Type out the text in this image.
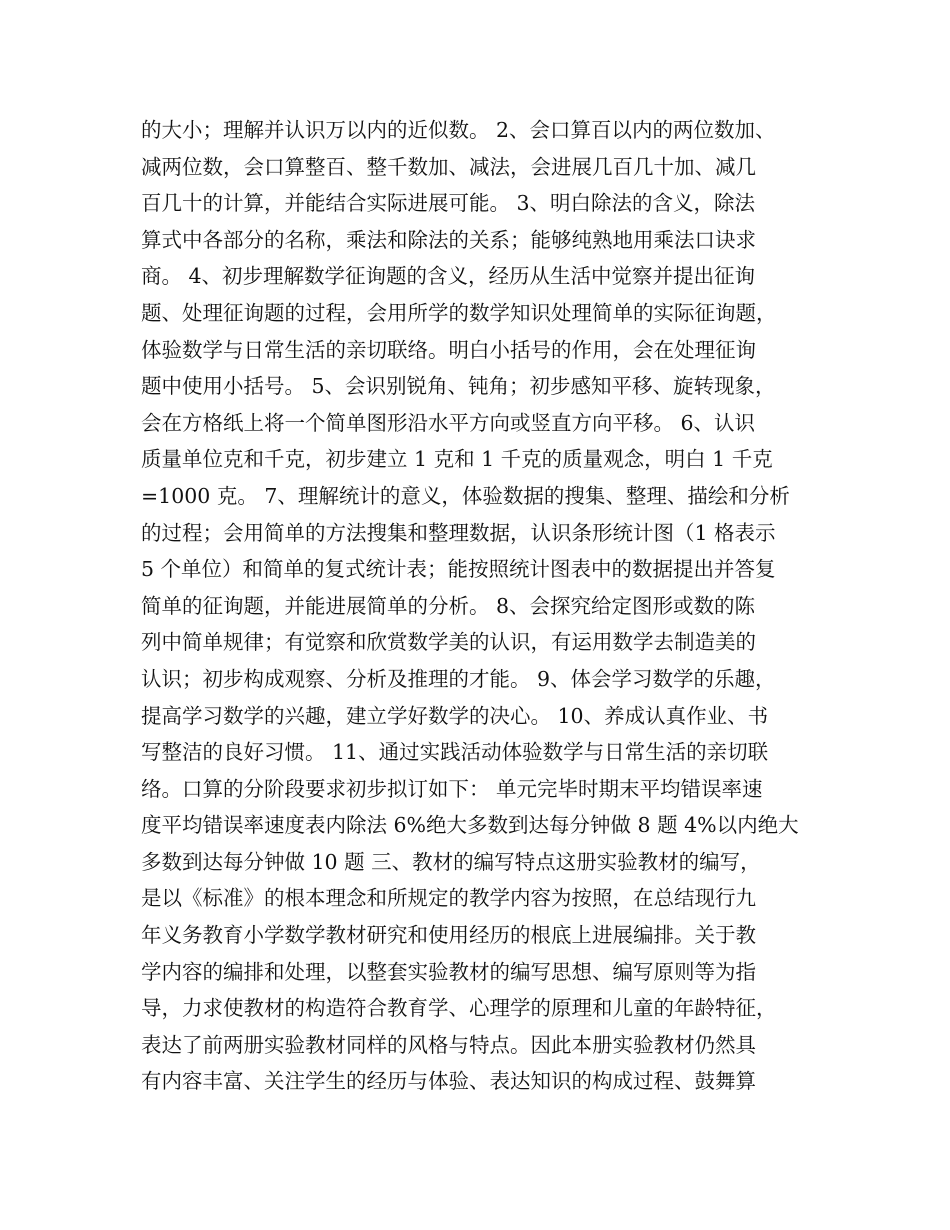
的大小；理解并认识万以内的近似数。 2、会口算百以内的两位数加、
减两位数，会口算整百、整千数加、减法，会进展几百几十加、减几
百几十的计算，并能结合实际进展可能。 3、明白除法的含义，除法
算式中各部分的名称，乘法和除法的关系；能够纯熟地用乘法口诀求
商。 4、初步理解数学征询题的含义，经历从生活中觉察并提出征询
题、处理征询题的过程，会用所学的数学知识处理简单的实际征询题，
体验数学与日常生活的亲切联络。明白小括号的作用，会在处理征询
题中使用小括号。 5、会识别锐角、钝角；初步感知平移、旋转现象，
会在方格纸上将一个简单图形沿水平方向或竖直方向平移。 6、认识
质量单位克和千克，初步建立 1 克和 1 千克的质量观念，明白 1 千克
=1000 克。 7、理解统计的意义，体验数据的搜集、整理、描绘和分析
的过程；会用简单的方法搜集和整理数据，认识条形统计图（1 格表示
5 个单位）和简单的复式统计表；能按照统计图表中的数据提出并答复
简单的征询题，并能进展简单的分析。 8、会探究给定图形或数的陈
列中简单规律；有觉察和欣赏数学美的认识，有运用数学去制造美的
认识；初步构成观察、分析及推理的才能。 9、体会学习数学的乐趣，
提高学习数学的兴趣，建立学好数学的决心。 10、养成认真作业、书
写整洁的良好习惯。 11、通过实践活动体验数学与日常生活的亲切联
络。口算的分阶段要求初步拟订如下： 单元完毕时期末平均错误率速
度平均错误率速度表内除法 6%绝大多数到达每分钟做 8 题 4%以内绝大
多数到达每分钟做 10 题 三、教材的编写特点这册实验教材的编写，
是以《标准》的根本理念和所规定的教学内容为按照，在总结现行九
年义务教育小学数学教材研究和使用经历的根底上进展编排。关于教
学内容的编排和处理，以整套实验教材的编写思想、编写原则等为指
导，力求使教材的构造符合教育学、心理学的原理和儿童的年龄特征，
表达了前两册实验教材同样的风格与特点。因此本册实验教材仍然具
有内容丰富、关注学生的经历与体验、表达知识的构成过程、鼓舞算
